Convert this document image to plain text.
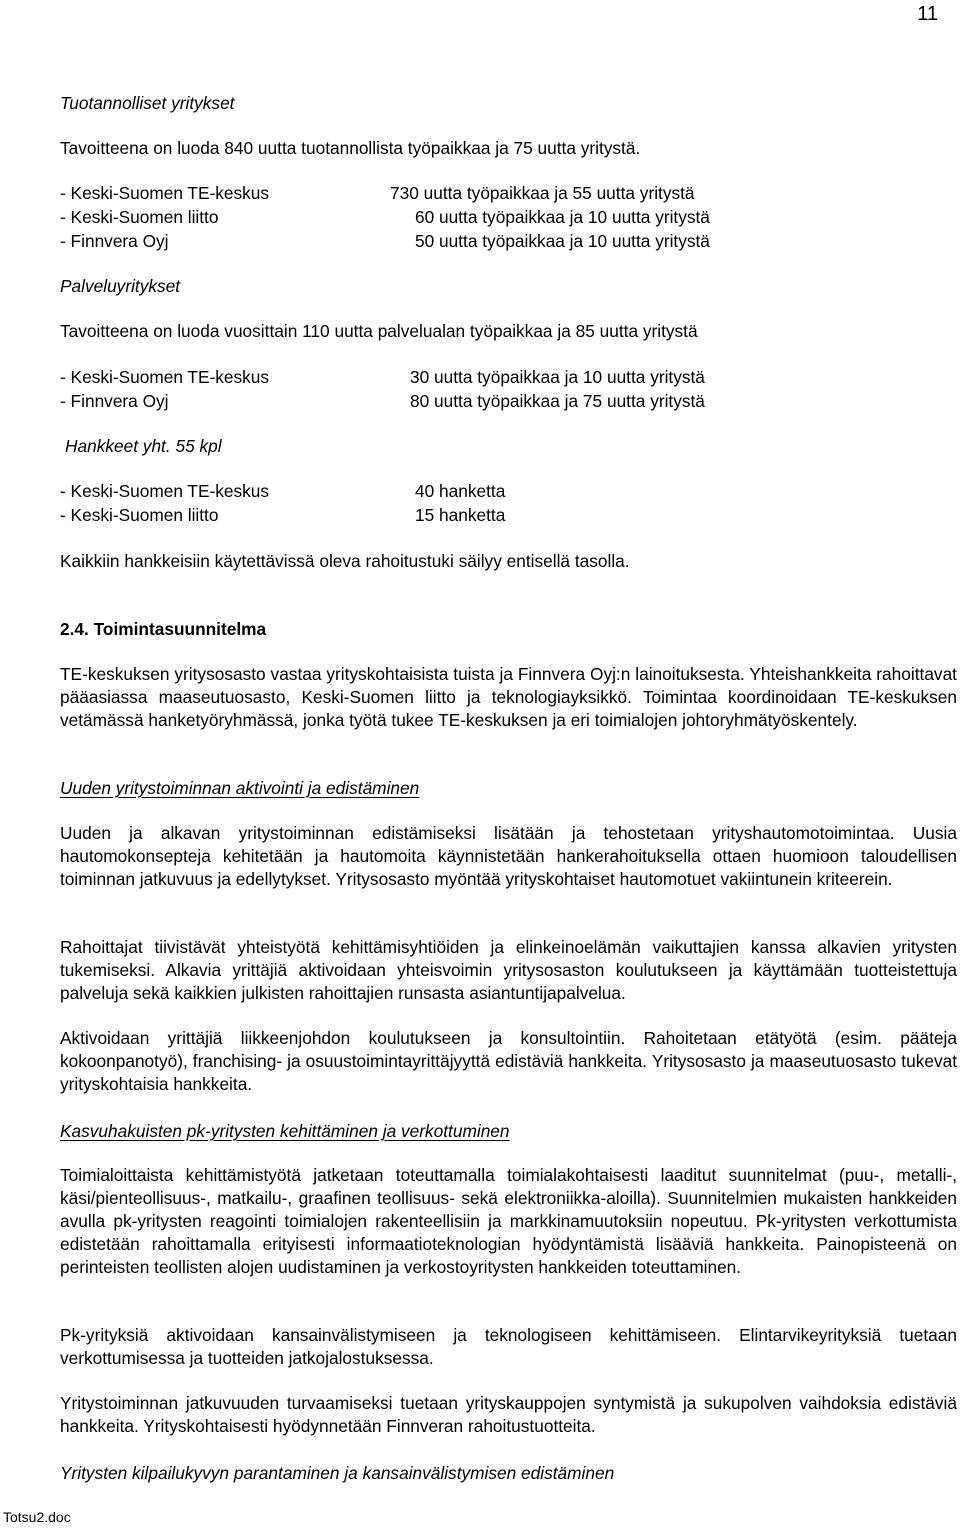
11
Tuotannolliset yritykset
Tavoitteena on luoda 840 uutta tuotannollista työpaikkaa ja 75 uutta yritystä.
- Keski-Suomen TE-keskus	730 uutta työpaikkaa ja 55 uutta yritystä
- Keski-Suomen liitto	60 uutta työpaikkaa ja 10 uutta yritystä
- Finnvera Oyj	50 uutta työpaikkaa ja 10 uutta yritystä
Palveluyritykset
Tavoitteena on luoda vuosittain 110 uutta palvelualan työpaikkaa ja 85 uutta yritystä
- Keski-Suomen TE-keskus	30 uutta työpaikkaa ja 10 uutta yritystä
- Finnvera Oyj	80 uutta työpaikkaa ja 75 uutta yritystä
Hankkeet yht. 55 kpl
- Keski-Suomen TE-keskus	40 hanketta
- Keski-Suomen liitto	15 hanketta
Kaikkiin hankkeisiin käytettävissä oleva rahoitustuki säilyy entisellä tasolla.
2.4. Toimintasuunnitelma

TE-keskuksen yritysosasto vastaa yrityskohtaisista tuista ja Finnvera Oyj:n lainoituksesta. Yhteishankkeita rahoittavat pääasiassa maaseutuosasto, Keski-Suomen liitto ja teknologiayksikkö. Toimintaa koordinoidaan TE-keskuksen vetämässä hanketyöryhmässä, jonka työtä tukee TE-keskuksen ja eri toimialojen johtoryhmätyöskentely.

Uuden yritystoiminnan aktivointi ja edistäminen

Uuden ja alkavan yritystoiminnan edistämiseksi lisätään ja tehostetaan yrityshautomotoimintaa. Uusia hautomokonsepteja kehitetään ja hautomoita käynnistetään hankerahoituksella ottaen huomioon taloudellisen toiminnan jatkuvuus ja edellytykset. Yritysosasto myöntää yrityskohtaiset hautomotuet vakiintunein kriteerein.

Rahoittajat tiivistävät yhteistyötä kehittämisyhtiöiden ja elinkeinoelämän vaikuttajien kanssa alkavien yritysten tukemiseksi. Alkavia yrittäjiä aktivoidaan yhteisvoimin yritysosaston koulutukseen ja käyttämään tuotteistettuja palveluja sekä kaikkien julkisten rahoittajien runsasta asiantuntijapalvelua.

Aktivoidaan yrittäjiä liikkeenjohdon koulutukseen ja konsultointiin. Rahoitetaan etätyötä (esim. pääteja kokoonpanotyö), franchising- ja osuustoimintayrittäjyyttä edistäviä hankkeita. Yritysosasto ja maaseutuosasto tukevat yrityskohtaisia hankkeita.

Kasvuhakuisten pk-yritysten kehittäminen ja verkottuminen

Toimialoittaista kehittämistyötä jatketaan toteuttamalla toimialakohtaisesti laaditut suunnitelmat (puu-, metalli-, käsi/pienteollisuus-, matkailu-, graafinen teollisuus- sekä elektroniikka-aloilla). Suunnitelmien mukaisten hankkeiden avulla pk-yritysten reagointi toimialojen rakenteellisiin ja markkinamuutoksiin nopeutuu. Pk-yritysten verkottumista edistetään rahoittamalla erityisesti informaatioteknologian hyödyntämistä lisääviä hankkeita. Painopisteenä on perinteisten teollisten alojen uudistaminen ja verkostoyritysten hankkeiden toteuttaminen.

Pk-yrityksiä aktivoidaan kansainvälistymiseen ja teknologiseen kehittämiseen. Elintarvikeyrityksiä tuetaan verkottumisessa ja tuotteiden jatkojalostuksessa.

Yritystoiminnan jatkuvuuden turvaamiseksi tuetaan yrityskauppojen syntymistä ja sukupolven vaihdoksia edistäviä hankkeita. Yrityskohtaisesti hyödynnetään Finnveran rahoitustuotteita.

Yritysten kilpailukyvyn parantaminen ja kansainvälistymisen edistäminen
Totsu2.doc
